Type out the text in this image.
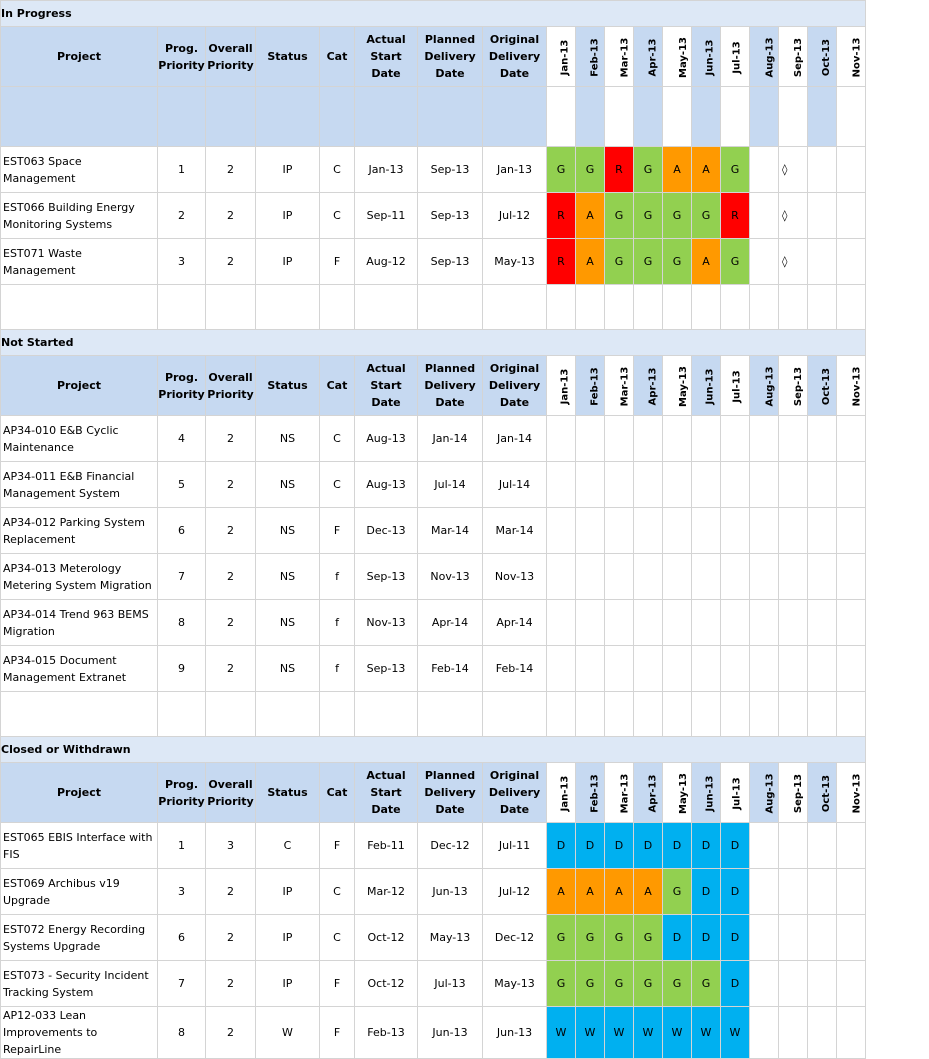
In Progress																		
Project	Prog. Priority	Overall Priority	Status	Cat	Actual Start Date	Planned Delivery Date	Original Delivery Date	Jan-13	Feb-13	Mar-13	Apr-13	May-13	Jun-13	Jul-13	Aug-13	Sep-13	Oct-13	Nov-13

EST063 Space Management	1	2	IP	C	Jan-13	Sep-13	Jan-13	G	G	R	G	A	A	G		◊		
EST066 Building Energy Monitoring Systems	2	2	IP	C	Sep-11	Sep-13	Jul-12	R	A	G	G	G	G	R		◊		
EST071 Waste Management	3	2	IP	F	Aug-12	Sep-13	May-13	R	A	G	G	G	A	G		◊		

Not Started																		
Project	Prog. Priority	Overall Priority	Status	Cat	Actual Start Date	Planned Delivery Date	Original Delivery Date	Jan-13	Feb-13	Mar-13	Apr-13	May-13	Jun-13	Jul-13	Aug-13	Sep-13	Oct-13	Nov-13
AP34-010 E&B Cyclic Maintenance	4	2	NS	C	Aug-13	Jan-14	Jan-14											
AP34-011 E&B Financial Management System	5	2	NS	C	Aug-13	Jul-14	Jul-14											
AP34-012 Parking System Replacement	6	2	NS	F	Dec-13	Mar-14	Mar-14											
AP34-013 Meterology Metering System Migration	7	2	NS	f	Sep-13	Nov-13	Nov-13											
AP34-014 Trend 963 BEMS Migration	8	2	NS	f	Nov-13	Apr-14	Apr-14											
AP34-015 Document Management Extranet	9	2	NS	f	Sep-13	Feb-14	Feb-14											

Closed or Withdrawn																		
Project	Prog. Priority	Overall Priority	Status	Cat	Actual Start Date	Planned Delivery Date	Original Delivery Date	Jan-13	Feb-13	Mar-13	Apr-13	May-13	Jun-13	Jul-13	Aug-13	Sep-13	Oct-13	Nov-13
EST065 EBIS Interface with FIS	1	3	C	F	Feb-11	Dec-12	Jul-11	D	D	D	D	D	D	D				
EST069 Archibus v19 Upgrade	3	2	IP	C	Mar-12	Jun-13	Jul-12	A	A	A	A	G	D	D				
EST072 Energy Recording Systems Upgrade	6	2	IP	C	Oct-12	May-13	Dec-12	G	G	G	G	D	D	D				
EST073 - Security Incident Tracking System	7	2	IP	F	Oct-12	Jul-13	May-13	G	G	G	G	G	G	D				
AP12-033 Lean Improvements to RepairLine	8	2	W	F	Feb-13	Jun-13	Jun-13	W	W	W	W	W	W	W				
